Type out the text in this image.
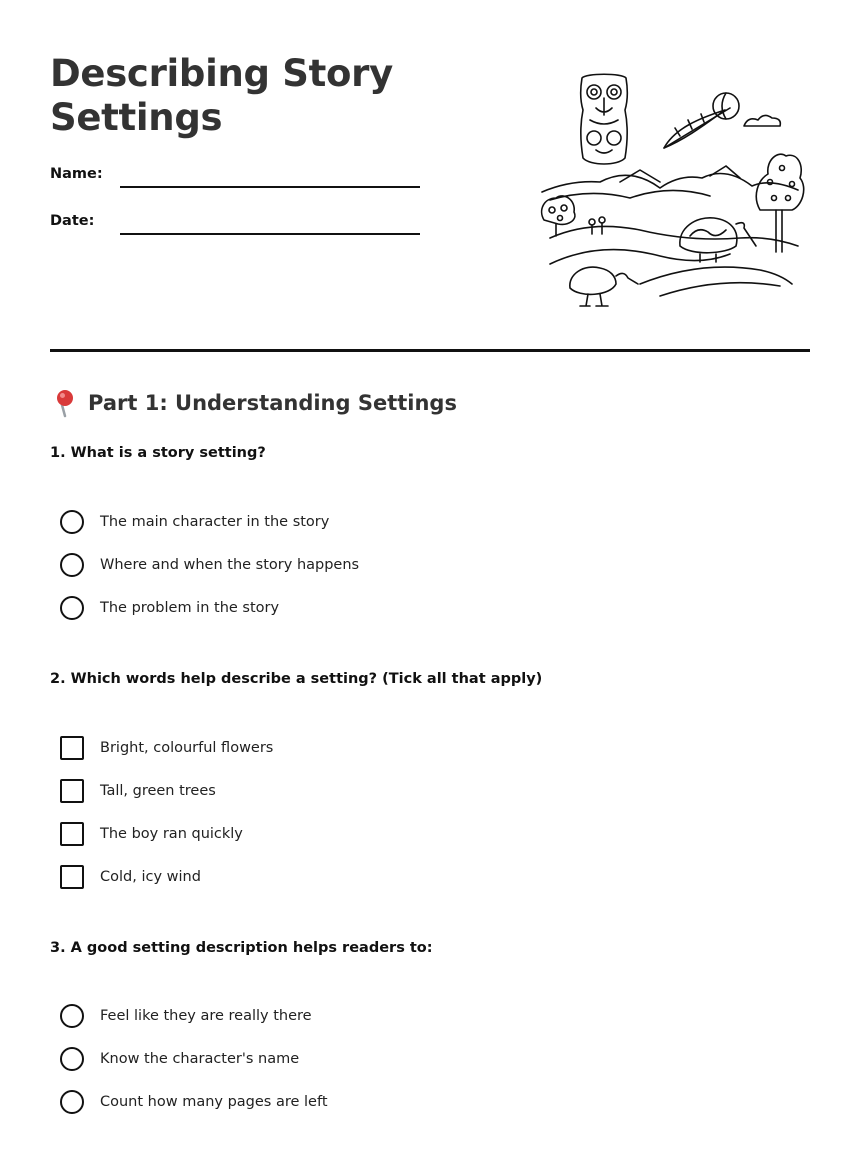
Describing Story
Settings
Name:
Date:
Part 1: Understanding Settings

1. What is a story setting?

The main character in the story
Where and when the story happens
The problem in the story

2. Which words help describe a setting? (Tick all that apply)

Bright, colourful flowers
Tall, green trees
The boy ran quickly
Cold, icy wind

3. A good setting description helps readers to:

Feel like they are really there
Know the character's name
Count how many pages are left
